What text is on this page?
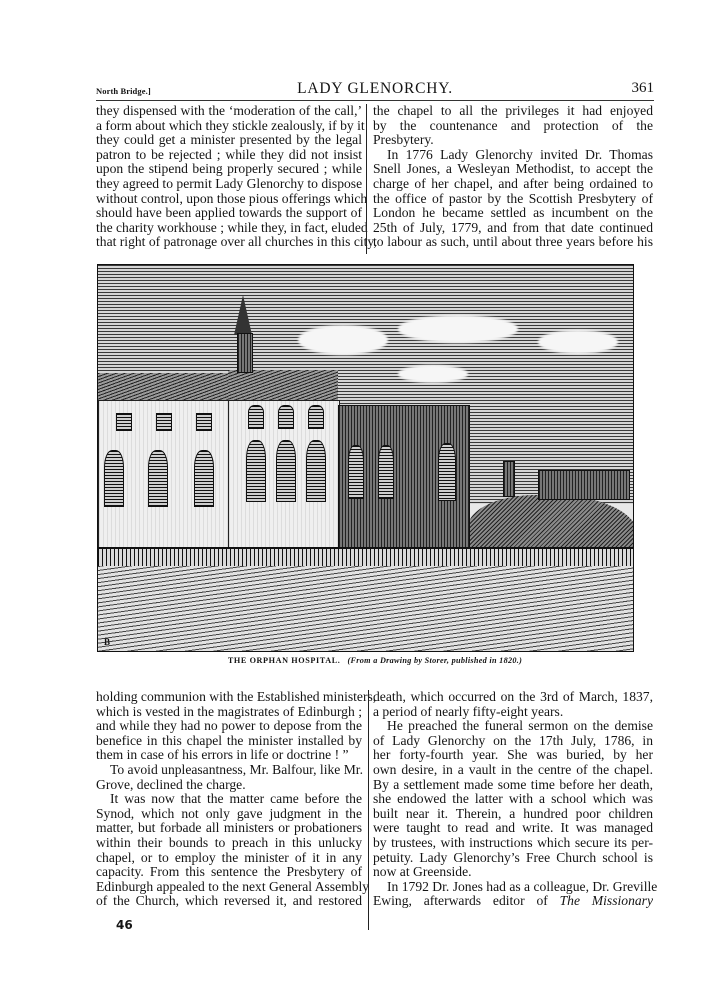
North Bridge.]	LADY GLENORCHY.	361
they dispensed with the ‘moderation of the call,’
a form about which they stickle zealously, if by it
they could get a minister presented by the legal
patron to be rejected ; while they did not insist
upon the stipend being properly secured ; while
they agreed to permit Lady Glenorchy to dispose
without control, upon those pious offerings which
should have been applied towards the support of
the charity workhouse ; while they, in fact, eluded
that right of patronage over all churches in this city,
the chapel to all the privileges it had enjoyed
by the countenance and protection of the
Presbytery.
In 1776 Lady Glenorchy invited Dr. Thomas
Snell Jones, a Wesleyan Methodist, to accept the
charge of her chapel, and after being ordained to
the office of pastor by the Scottish Presbytery of
London he became settled as incumbent on the
25th of July, 1779, and from that date continued
to labour as such, until about three years before his
B
THE ORPHAN HOSPITAL. (From a Drawing by Storer, published in 1820.)
holding communion with the Established ministers,
which is vested in the magistrates of Edinburgh ;
and while they had no power to depose from the
benefice in this chapel the minister installed by
them in case of his errors in life or doctrine ! ”
To avoid unpleasantness, Mr. Balfour, like Mr.
Grove, declined the charge.
It was now that the matter came before the
Synod, which not only gave judgment in the
matter, but forbade all ministers or probationers
within their bounds to preach in this unlucky
chapel, or to employ the minister of it in any
capacity. From this sentence the Presbytery of
Edinburgh appealed to the next General Assembly
of the Church, which reversed it, and restored
46
death, which occurred on the 3rd of March, 1837,
a period of nearly fifty-eight years.
He preached the funeral sermon on the demise
of Lady Glenorchy on the 17th July, 1786, in
her forty-fourth year. She was buried, by her
own desire, in a vault in the centre of the chapel.
By a settlement made some time before her death,
she endowed the latter with a school which was
built near it. Therein, a hundred poor children
were taught to read and write. It was managed
by trustees, with instructions which secure its per-
petuity. Lady Glenorchy’s Free Church school is
now at Greenside.
In 1792 Dr. Jones had as a colleague, Dr. Greville
Ewing, afterwards editor of The Missionary
